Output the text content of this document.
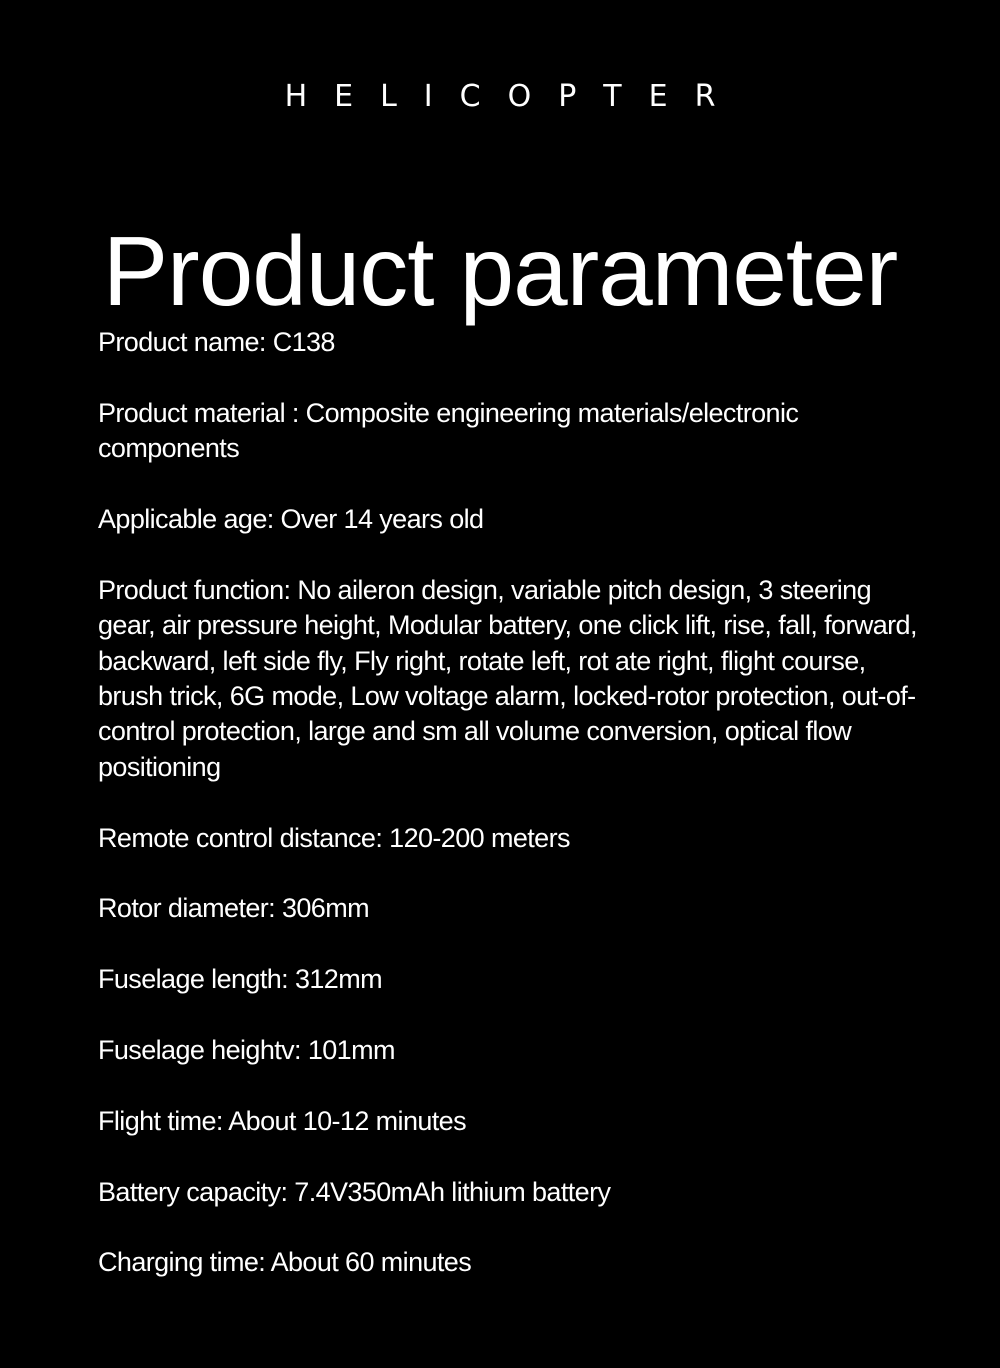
HELICOPTER
Product parameter
Product name: C138
Product material : Composite engineering materials/electronic components
Applicable age: Over 14 years old
Product function: No aileron design, variable pitch design, 3 steering gear, air pressure height, Modular battery, one click lift, rise, fall, forward, backward, left side fly, Fly right, rotate left, rot ate right, flight course, brush trick, 6G mode, Low voltage alarm, locked-rotor protection, out-of-control protection, large and sm all volume conversion, optical flow positioning
Remote control distance: 120-200 meters
Rotor diameter: 306mm
Fuselage length: 312mm
Fuselage heightv: 101mm
Flight time: About 10-12 minutes
Battery capacity: 7.4V350mAh lithium battery
Charging time: About 60 minutes
